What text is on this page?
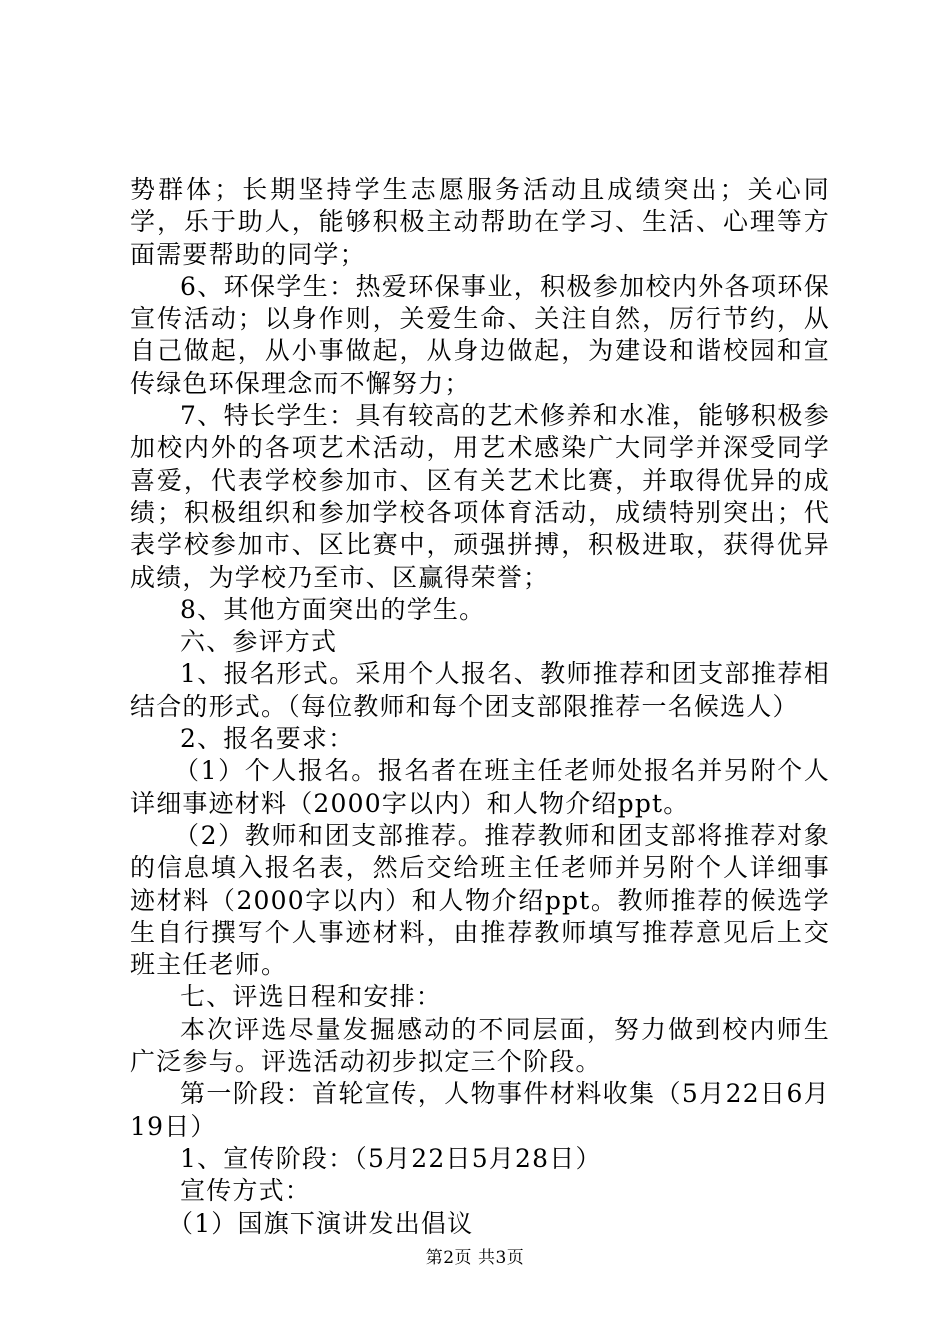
势群体；长期坚持学生志愿服务活动且成绩突出；关心同学，乐于助人，能够积极主动帮助在学习、生活、心理等方面需要帮助的同学；

6、环保学生：热爱环保事业，积极参加校内外各项环保宣传活动；以身作则，关爱生命、关注自然，厉行节约，从自己做起，从小事做起，从身边做起，为建设和谐校园和宣传绿色环保理念而不懈努力；

7、特长学生：具有较高的艺术修养和水准，能够积极参加校内外的各项艺术活动，用艺术感染广大同学并深受同学喜爱，代表学校参加市、区有关艺术比赛，并取得优异的成绩；积极组织和参加学校各项体育活动，成绩特别突出；代表学校参加市、区比赛中，顽强拼搏，积极进取，获得优异成绩，为学校乃至市、区赢得荣誉；

8、其他方面突出的学生。

六、参评方式

1、报名形式。采用个人报名、教师推荐和团支部推荐相结合的形式。（每位教师和每个团支部限推荐一名候选人）

2、报名要求：

（1）个人报名。报名者在班主任老师处报名并另附个人详细事迹材料（2000字以内）和人物介绍ppt。

（2）教师和团支部推荐。推荐教师和团支部将推荐对象的信息填入报名表，然后交给班主任老师并另附个人详细事迹材料（2000字以内）和人物介绍ppt。教师推荐的候选学生自行撰写个人事迹材料，由推荐教师填写推荐意见后上交班主任老师。

七、评选日程和安排：

本次评选尽量发掘感动的不同层面，努力做到校内师生广泛参与。评选活动初步拟定三个阶段。

第一阶段：首轮宣传，人物事件材料收集（5月22日6月19日）

1、宣传阶段：（5月22日5月28日）

宣传方式：

（1）国旗下演讲发出倡议

第2页 共3页
